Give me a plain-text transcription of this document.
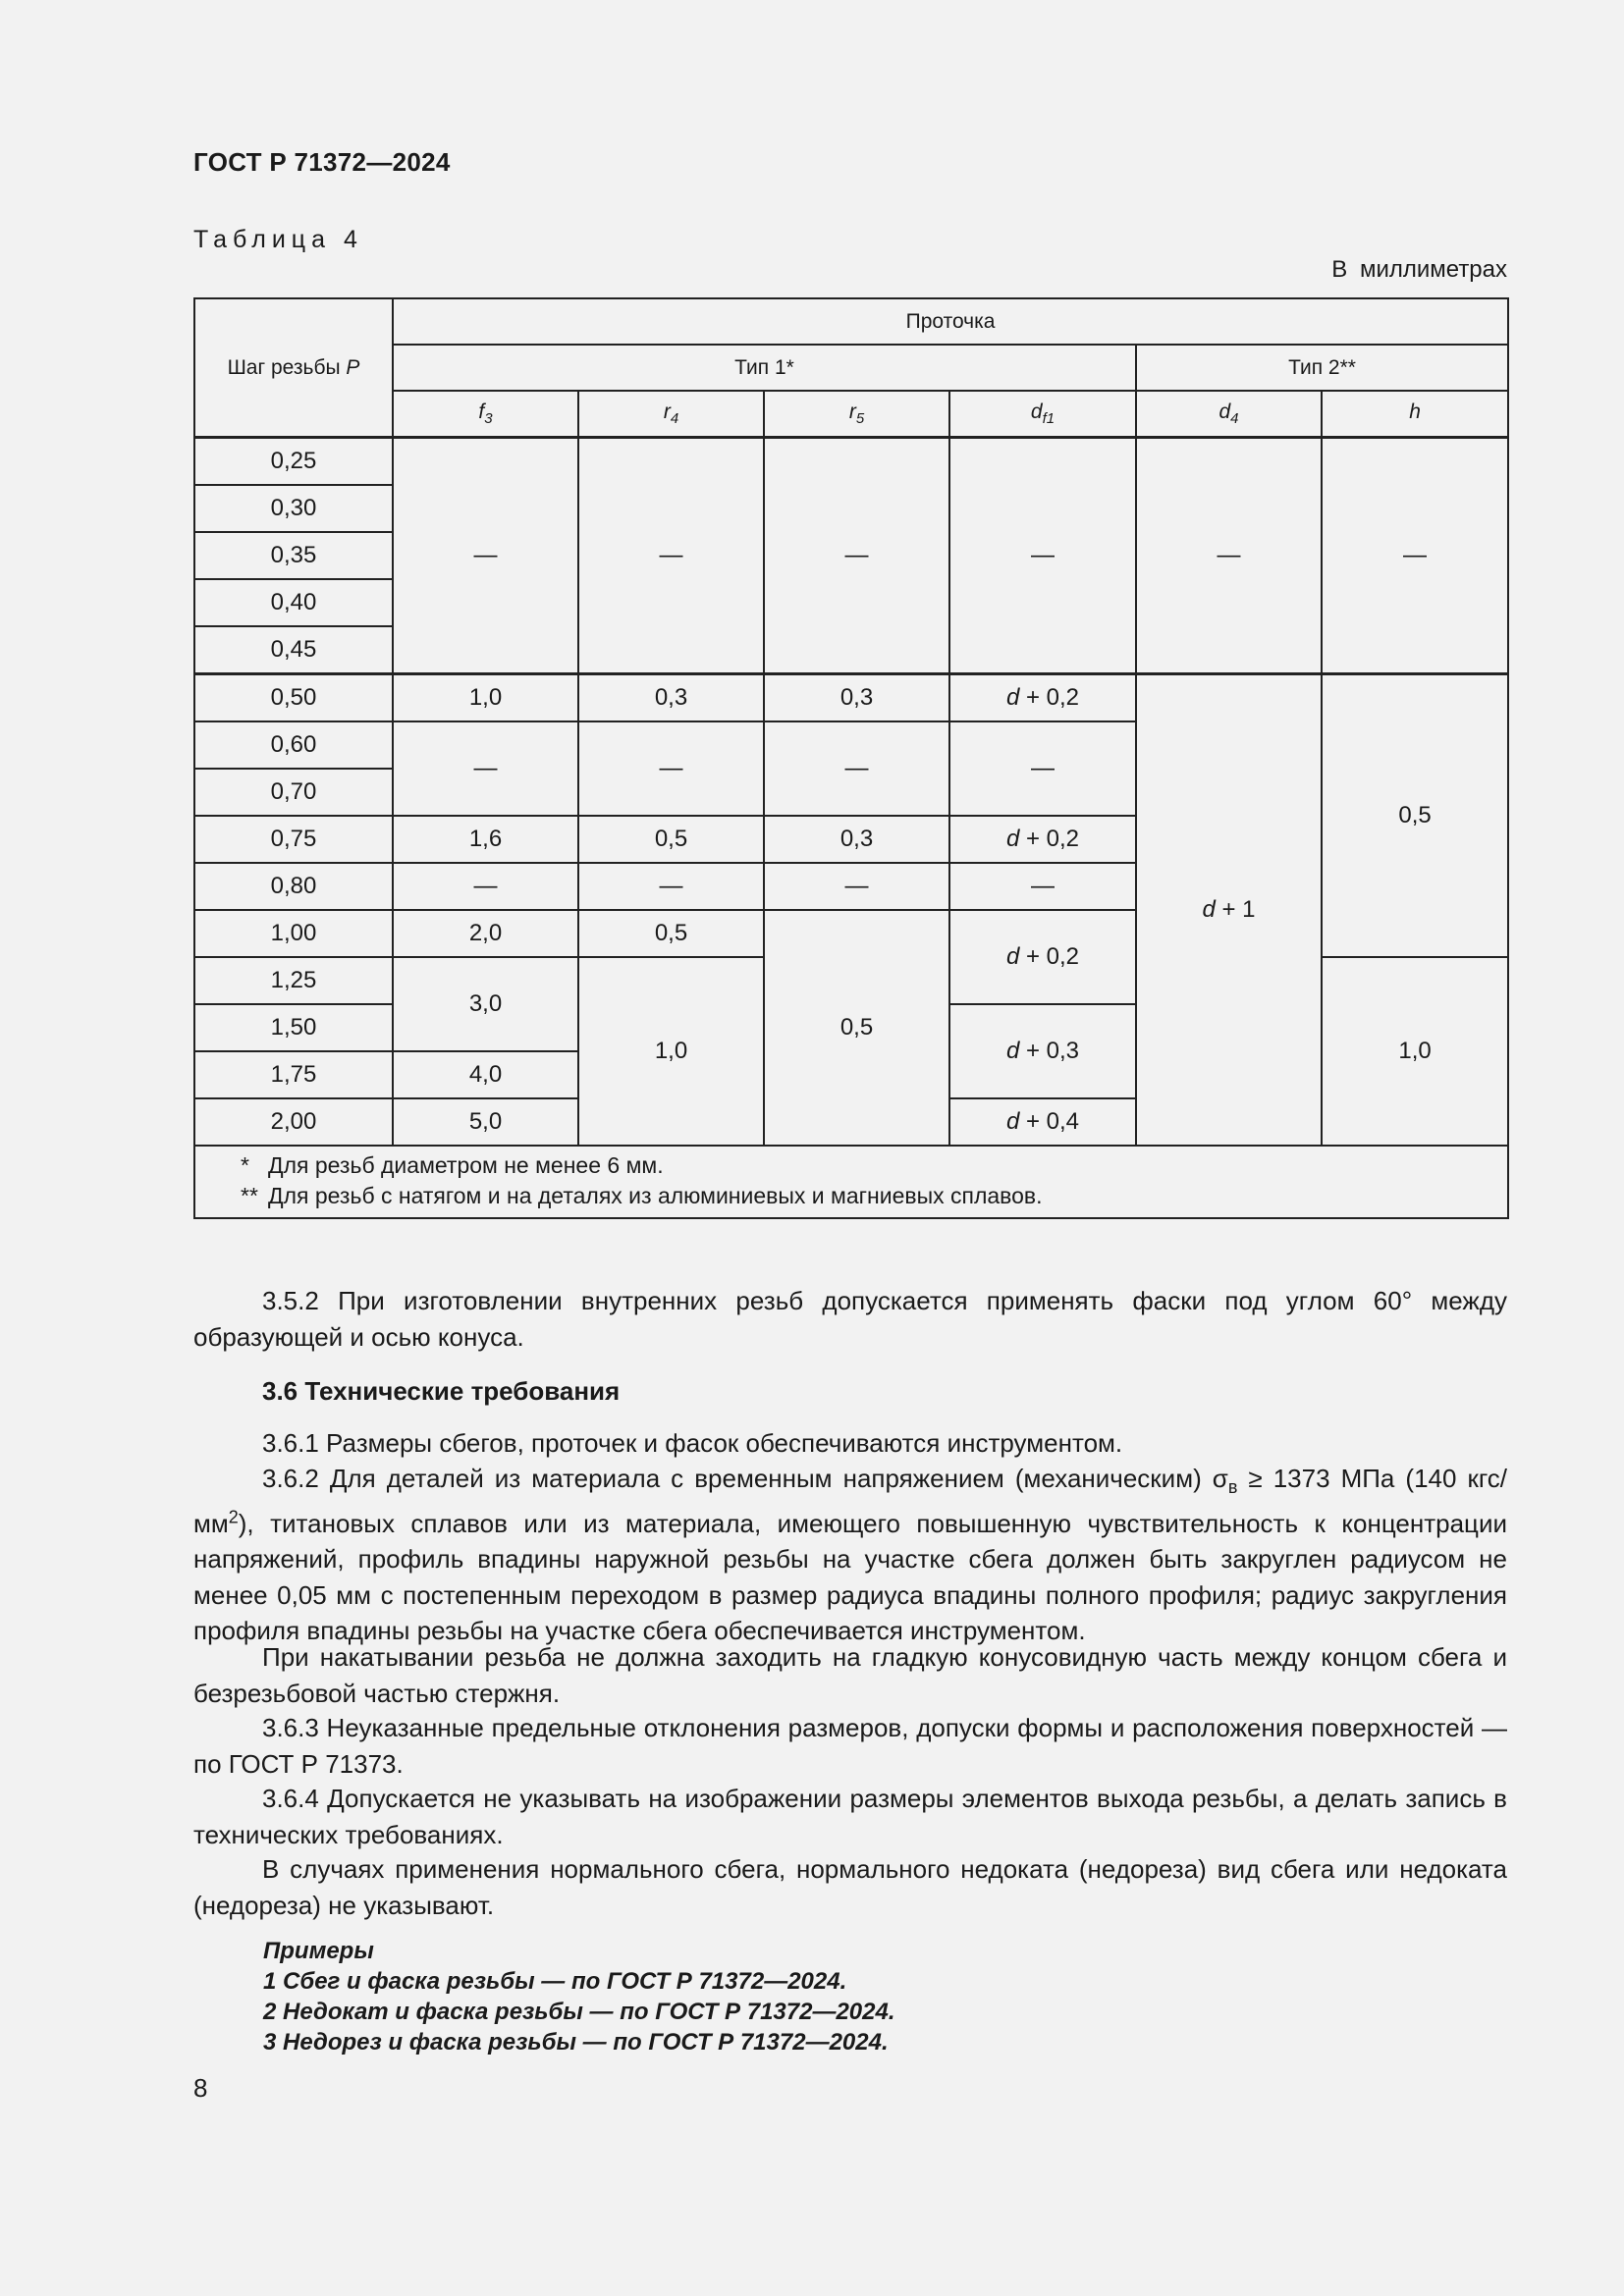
ГОСТ Р 71372—2024
Таблица 4
В миллиметрах
Шаг резьбы P	Проточка					
	Тип 1*				Тип 2**	
	$f_3$	$r_4$	$r_5$	$d_{f1}$	$d_4$	h
0,25	—	—	—	—	—	—
0,30						
0,35						
0,40						
0,45						
0,50	1,0	0,3	0,3	d + 0,2	d + 1	0,5
0,60	—	—	—	—		
0,70						
0,75	1,6	0,5	0,3	d + 0,2		
0,80	—	—	—	—		
1,00	2,0	0,5	0,5	d + 0,2		
1,25	3,0	1,0				1,0
1,50				d + 0,3		
1,75	4,0					
2,00	5,0			d + 0,4		

* Для резьб диаметром не менее 6 мм.
** Для резьб с натягом и на деталях из алюминиевых и магниевых сплавов.						
3.5.2 При изготовлении внутренних резьб допускается применять фаски под углом 60° между образующей и осью конуса.
3.6 Технические требования
3.6.1 Размеры сбегов, проточек и фасок обеспечиваются инструментом.
3.6.2 Для деталей из материала с временным напряжением (механическим) $\sigma_в \ge 1373$ МПа (140 кгс/$мм^2$), титановых сплавов или из материала, имеющего повышенную чувствительность к концентрации напряжений, профиль впадины наружной резьбы на участке сбега должен быть закруглен радиусом не менее 0,05 мм с постепенным переходом в размер радиуса впадины полного профиля; радиус закругления профиля впадины резьбы на участке сбега обеспечивается инструментом.
При накатывании резьба не должна заходить на гладкую конусовидную часть между концом сбега и безрезьбовой частью стержня.
3.6.3 Неуказанные предельные отклонения размеров, допуски формы и расположения поверхностей — по ГОСТ Р 71373.
3.6.4 Допускается не указывать на изображении размеры элементов выхода резьбы, а делать запись в технических требованиях.
В случаях применения нормального сбега, нормального недоката (недореза) вид сбега или недоката (недореза) не указывают.
Примеры
1 Сбег и фаска резьбы — по ГОСТ Р 71372—2024.
2 Недокат и фаска резьбы — по ГОСТ Р 71372—2024.
3 Недорез и фаска резьбы — по ГОСТ Р 71372—2024.
8
